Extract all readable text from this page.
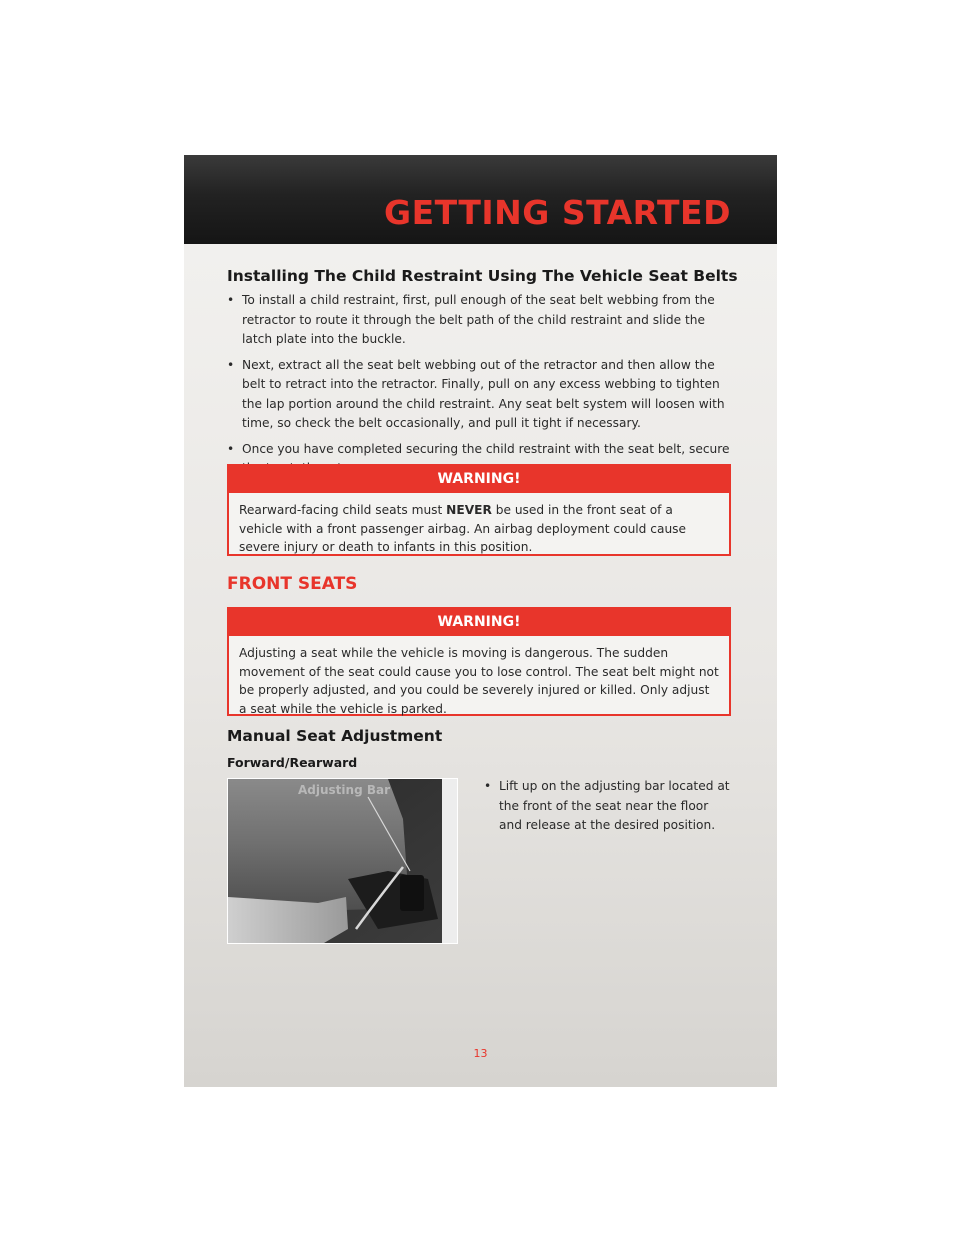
GETTING STARTED
Installing The Child Restraint Using The Vehicle Seat Belts
• To install a child restraint, first, pull enough of the seat belt webbing from the retractor to route it through the belt path of the child restraint and slide the latch plate into the buckle.
• Next, extract all the seat belt webbing out of the retractor and then allow the belt to retract into the retractor. Finally, pull on any excess webbing to tighten the lap portion around the child restraint. Any seat belt system will loosen with time, so check the belt occasionally, and pull it tight if necessary.
• Once you have completed securing the child restraint with the seat belt, secure
WARNING!
Rearward-facing child seats must NEVER be used in the front seat of a vehicle with a front passenger airbag. An airbag deployment could cause severe injury or death to infants in this position.
FRONT SEATS
WARNING!
Adjusting a seat while the vehicle is moving is dangerous. The sudden movement of the seat could cause you to lose control. The seat belt might not be properly adjusted, and you could be severely injured or killed. Only adjust a seat while the vehicle is parked.
Manual Seat Adjustment
Forward/Rearward
Adjusting Bar
•	Lift up on the adjusting bar located at the front of the seat near the floor and release at the desired position.
13
